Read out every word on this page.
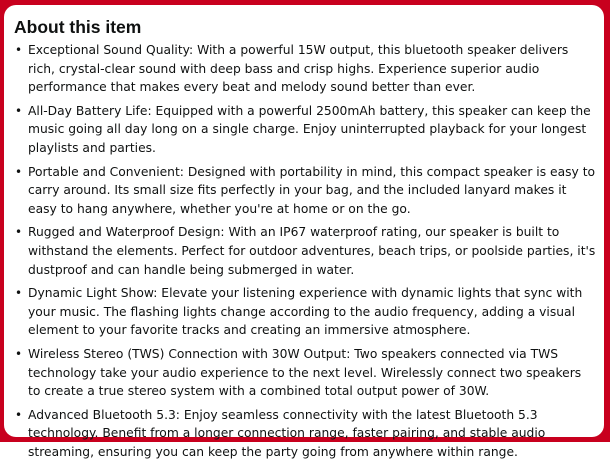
About this item
• Exceptional Sound Quality: With a powerful 15W output, this bluetooth speaker delivers rich, crystal-clear sound with deep bass and crisp highs. Experience superior audio performance that makes every beat and melody sound better than ever.
• All-Day Battery Life: Equipped with a powerful 2500mAh battery, this speaker can keep the music going all day long on a single charge. Enjoy uninterrupted playback for your longest playlists and parties.
• Portable and Convenient: Designed with portability in mind, this compact speaker is easy to carry around. Its small size fits perfectly in your bag, and the included lanyard makes it easy to hang anywhere, whether you're at home or on the go.
• Rugged and Waterproof Design: With an IP67 waterproof rating, our speaker is built to withstand the elements. Perfect for outdoor adventures, beach trips, or poolside parties, it's dustproof and can handle being submerged in water.
• Dynamic Light Show: Elevate your listening experience with dynamic lights that sync with your music. The flashing lights change according to the audio frequency, adding a visual element to your favorite tracks and creating an immersive atmosphere.
• Wireless Stereo (TWS) Connection with 30W Output: Two speakers connected via TWS technology take your audio experience to the next level. Wirelessly connect two speakers to create a true stereo system with a combined total output power of 30W.
• Advanced Bluetooth 5.3: Enjoy seamless connectivity with the latest Bluetooth 5.3 technology. Benefit from a longer connection range, faster pairing, and stable audio streaming, ensuring you can keep the party going from anywhere within range.
